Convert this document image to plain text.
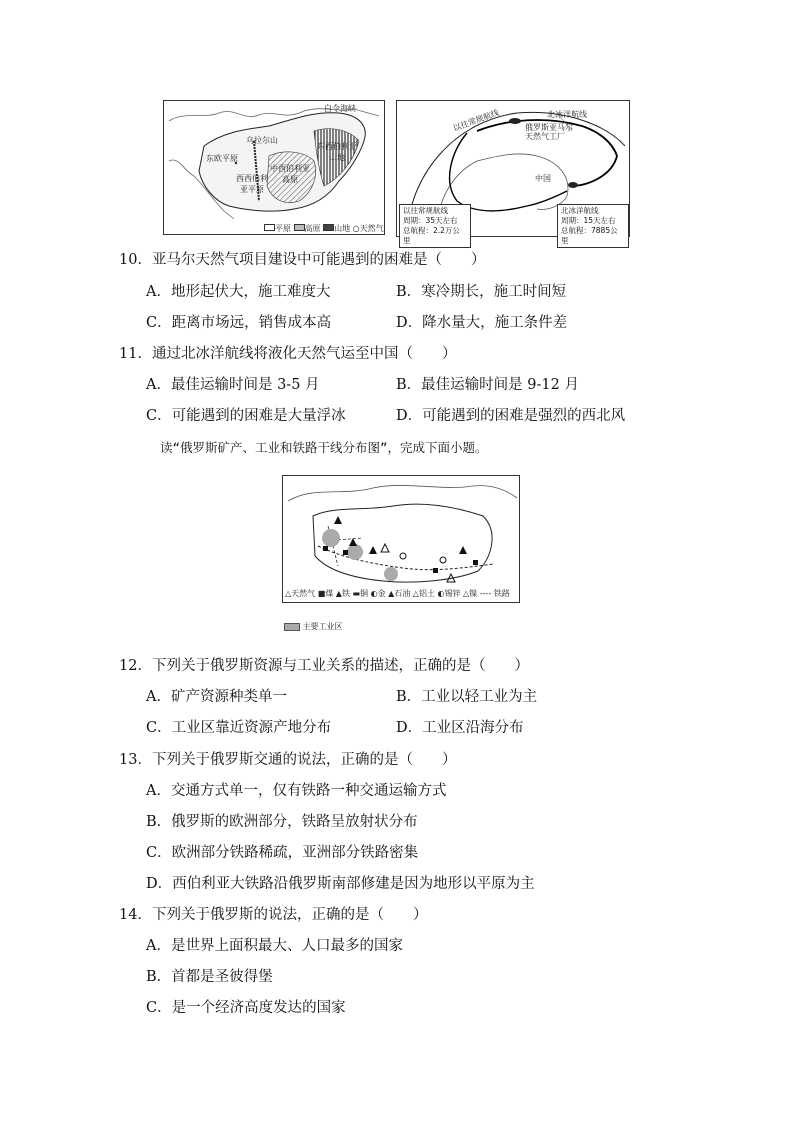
白令海峡
乌拉尔山
东欧平原
中西伯利亚高原
东西伯利亚山地
西西伯利亚平原
平原 高原 山地 ○天然气
北冰洋航线
以往常规航线	俄罗斯亚马尔天然气工厂
中国
以往常规航线
周期：35天左右
总航程：2.2万公里
北冰洋航线
周期：15天左右
总航程：7885公里
10．亚马尔天然气项目建设中可能遇到的困难是（　　）
A．地形起伏大，施工难度大	B．寒冷期长，施工时间短
C．距离市场远，销售成本高	D．降水量大，施工条件差
11．通过北冰洋航线将液化天然气运至中国（　　）
A．最佳运输时间是 3-5 月	B．最佳运输时间是 9-12 月
C．可能遇到的困难是大量浮冰	D．可能遇到的困难是强烈的西北风
读“俄罗斯矿产、工业和铁路干线分布图”，完成下面小题。
△天然气 ■煤 ▲铁 ▬铜 ◐金 ▲石油 △铝土 ◐锡锌 △镍 ---- 铁路
主要工业区
12．下列关于俄罗斯资源与工业关系的描述，正确的是（　　）
A．矿产资源种类单一	B．工业以轻工业为主
C．工业区靠近资源产地分布	D．工业区沿海分布
13．下列关于俄罗斯交通的说法，正确的是（　　）
A．交通方式单一，仅有铁路一种交通运输方式
B．俄罗斯的欧洲部分，铁路呈放射状分布
C．欧洲部分铁路稀疏，亚洲部分铁路密集
D．西伯利亚大铁路沿俄罗斯南部修建是因为地形以平原为主
14．下列关于俄罗斯的说法，正确的是（　　）
A．是世界上面积最大、人口最多的国家
B．首都是圣彼得堡
C．是一个经济高度发达的国家
